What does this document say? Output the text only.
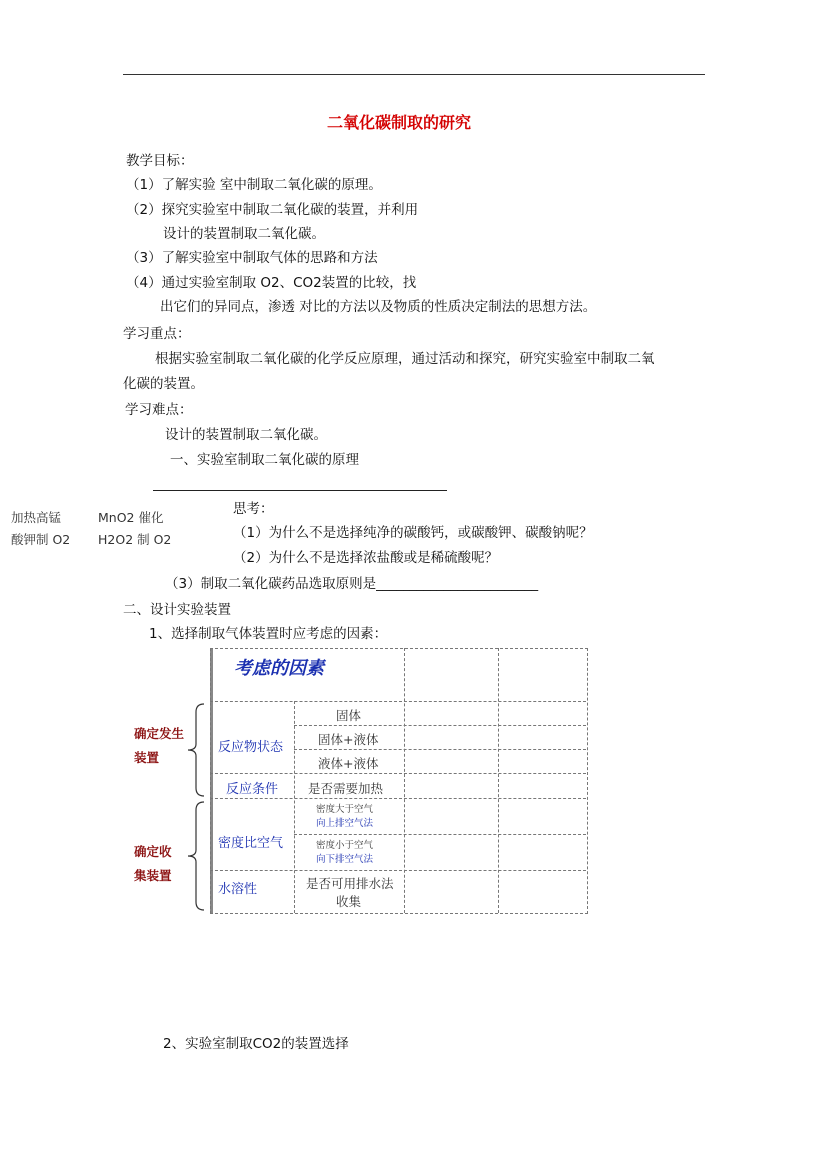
二氧化碳制取的研究
教学目标：
（1）了解实验 室中制取二氧化碳的原理。
（2）探究实验室中制取二氧化碳的装置，并利用
设计的装置制取二氧化碳。
（3）了解实验室中制取气体的思路和方法
（4）通过实验室制取 O2、CO2装置的比较，找
出它们的异同点，渗透 对比的方法以及物质的性质决定制法的思想方法。
学习重点：
根据实验室制取二氧化碳的化学反应原理，通过活动和探究，研究实验室中制取二氧
化碳的装置。
学习难点：
设计的装置制取二氧化碳。
一、实验室制取二氧化碳的原理
加热高锰
酸钾制 O2
MnO2 催化
H2O2 制 O2
思考：
（1）为什么不是选择纯净的碳酸钙，或碳酸钾、碳酸钠呢？
（2）为什么不是选择浓盐酸或是稀硫酸呢？
（3）制取二氧化碳药品选取原则是________________________
二、设计实验装置
1、选择制取气体装置时应考虑的因素：
确定发生
装置
确定收
集装置
考虑的因素
反应物状态
固体
固体+液体
液体+液体
反应条件 是否需要加热
密度比空气
密度大于空气
向上排空气法
密度小于空气
向下排空气法
水溶性	是否可用排水法
收集
2、实验室制取CO2的装置选择
